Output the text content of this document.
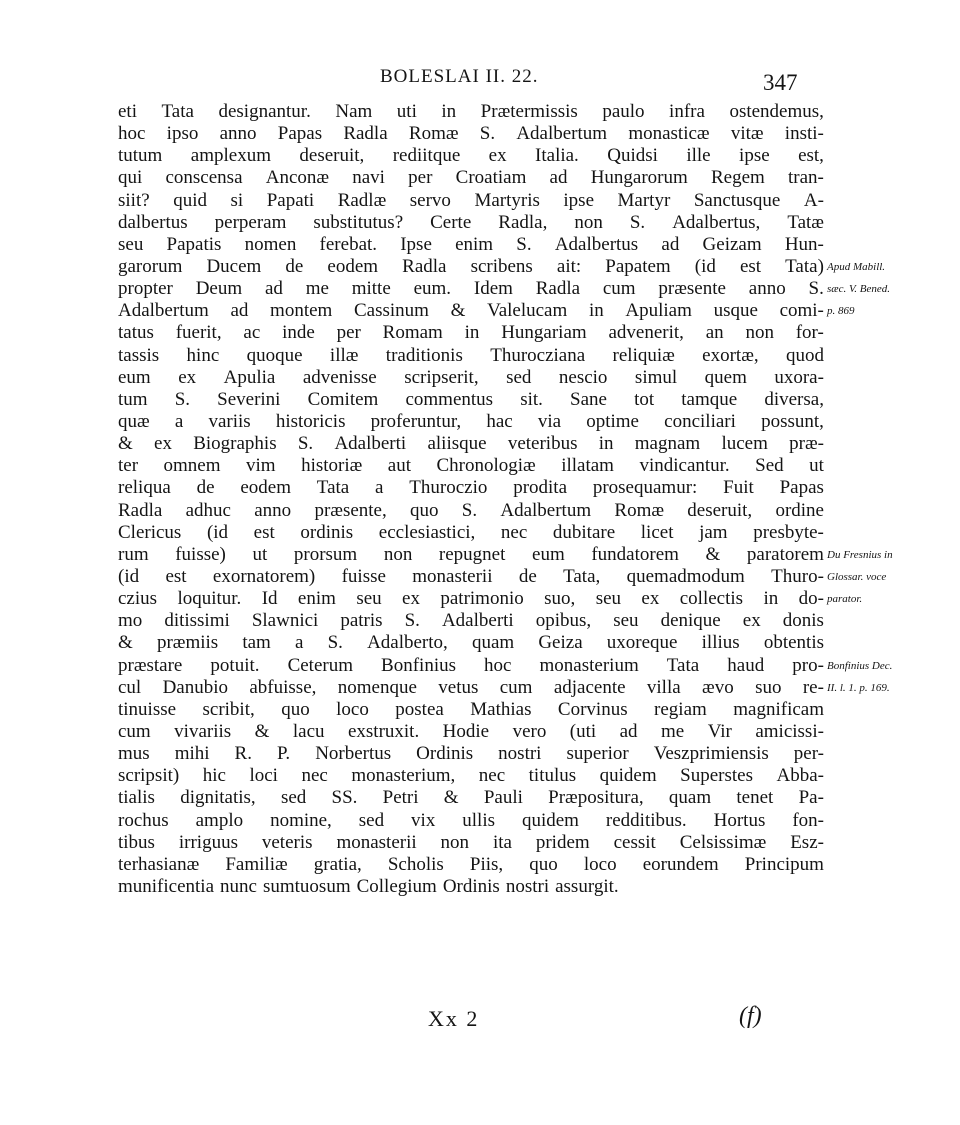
BOLESLAI II. 22.	347
eti Tata designantur. Nam uti in Prætermissis paulo infra ostendemus,
hoc ipso anno Papas Radla Romæ S. Adalbertum monasticæ vitæ insti-
tutum amplexum deseruit, rediitque ex Italia. Quidsi ille ipse est,
qui conscensa Anconæ navi per Croatiam ad Hungarorum Regem tran-
siit? quid si Papati Radlæ servo Martyris ipse Martyr Sanctusque A-
dalbertus perperam substitutus? Certe Radla, non S. Adalbertus, Tatæ
seu Papatis nomen ferebat. Ipse enim S. Adalbertus ad Geizam Hun-
garorum Ducem de eodem Radla scribens ait: Papatem (id est Tata)
propter Deum ad me mitte eum. Idem Radla cum præsente anno S.
Adalbertum ad montem Cassinum & Valelucam in Apuliam usque comi-
tatus fuerit, ac inde per Romam in Hungariam advenerit, an non for-
tassis hinc quoque illæ traditionis Thurocziana reliquiæ exortæ, quod
eum ex Apulia advenisse scripserit, sed nescio simul quem uxora-
tum S. Severini Comitem commentus sit. Sane tot tamque diversa,
quæ a variis historicis proferuntur, hac via optime conciliari possunt,
& ex Biographis S. Adalberti aliisque veteribus in magnam lucem præ-
ter omnem vim historiæ aut Chronologiæ illatam vindicantur. Sed ut
reliqua de eodem Tata a Thuroczio prodita prosequamur: Fuit Papas
Radla adhuc anno præsente, quo S. Adalbertum Romæ deseruit, ordine
Clericus (id est ordinis ecclesiastici, nec dubitare licet jam presbyte-
rum fuisse) ut prorsum non repugnet eum fundatorem & paratorem
(id est exornatorem) fuisse monasterii de Tata, quemadmodum Thuro-
czius loquitur. Id enim seu ex patrimonio suo, seu ex collectis in do-
mo ditissimi Slawnici patris S. Adalberti opibus, seu denique ex donis
& præmiis tam a S. Adalberto, quam Geiza uxoreque illius obtentis
præstare potuit. Ceterum Bonfinius hoc monasterium Tata haud pro-
cul Danubio abfuisse, nomenque vetus cum adjacente villa ævo suo re-
tinuisse scribit, quo loco postea Mathias Corvinus regiam magnificam
cum vivariis & lacu exstruxit. Hodie vero (uti ad me Vir amicissi-
mus mihi R. P. Norbertus Ordinis nostri superior Veszprimiensis per-
scripsit) hic loci nec monasterium, nec titulus quidem Superstes Abba-
tialis dignitatis, sed SS. Petri & Pauli Præpositura, quam tenet Pa-
rochus amplo nomine, sed vix ullis quidem redditibus. Hortus fon-
tibus irriguus veteris monasterii non ita pridem cessit Celsissimæ Esz-
terhasianæ Familiæ gratia, Scholis Piis, quo loco eorundem Principum
munificentia nunc sumtuosum Collegium Ordinis nostri assurgit.
Apud Mabill.
sæc. V. Bened.
p. 869
Du Fresnius in
Glossar. voce
parator.
Bonfinius Dec.
II. l. 1. p. 169.
Xx 2	(f)
